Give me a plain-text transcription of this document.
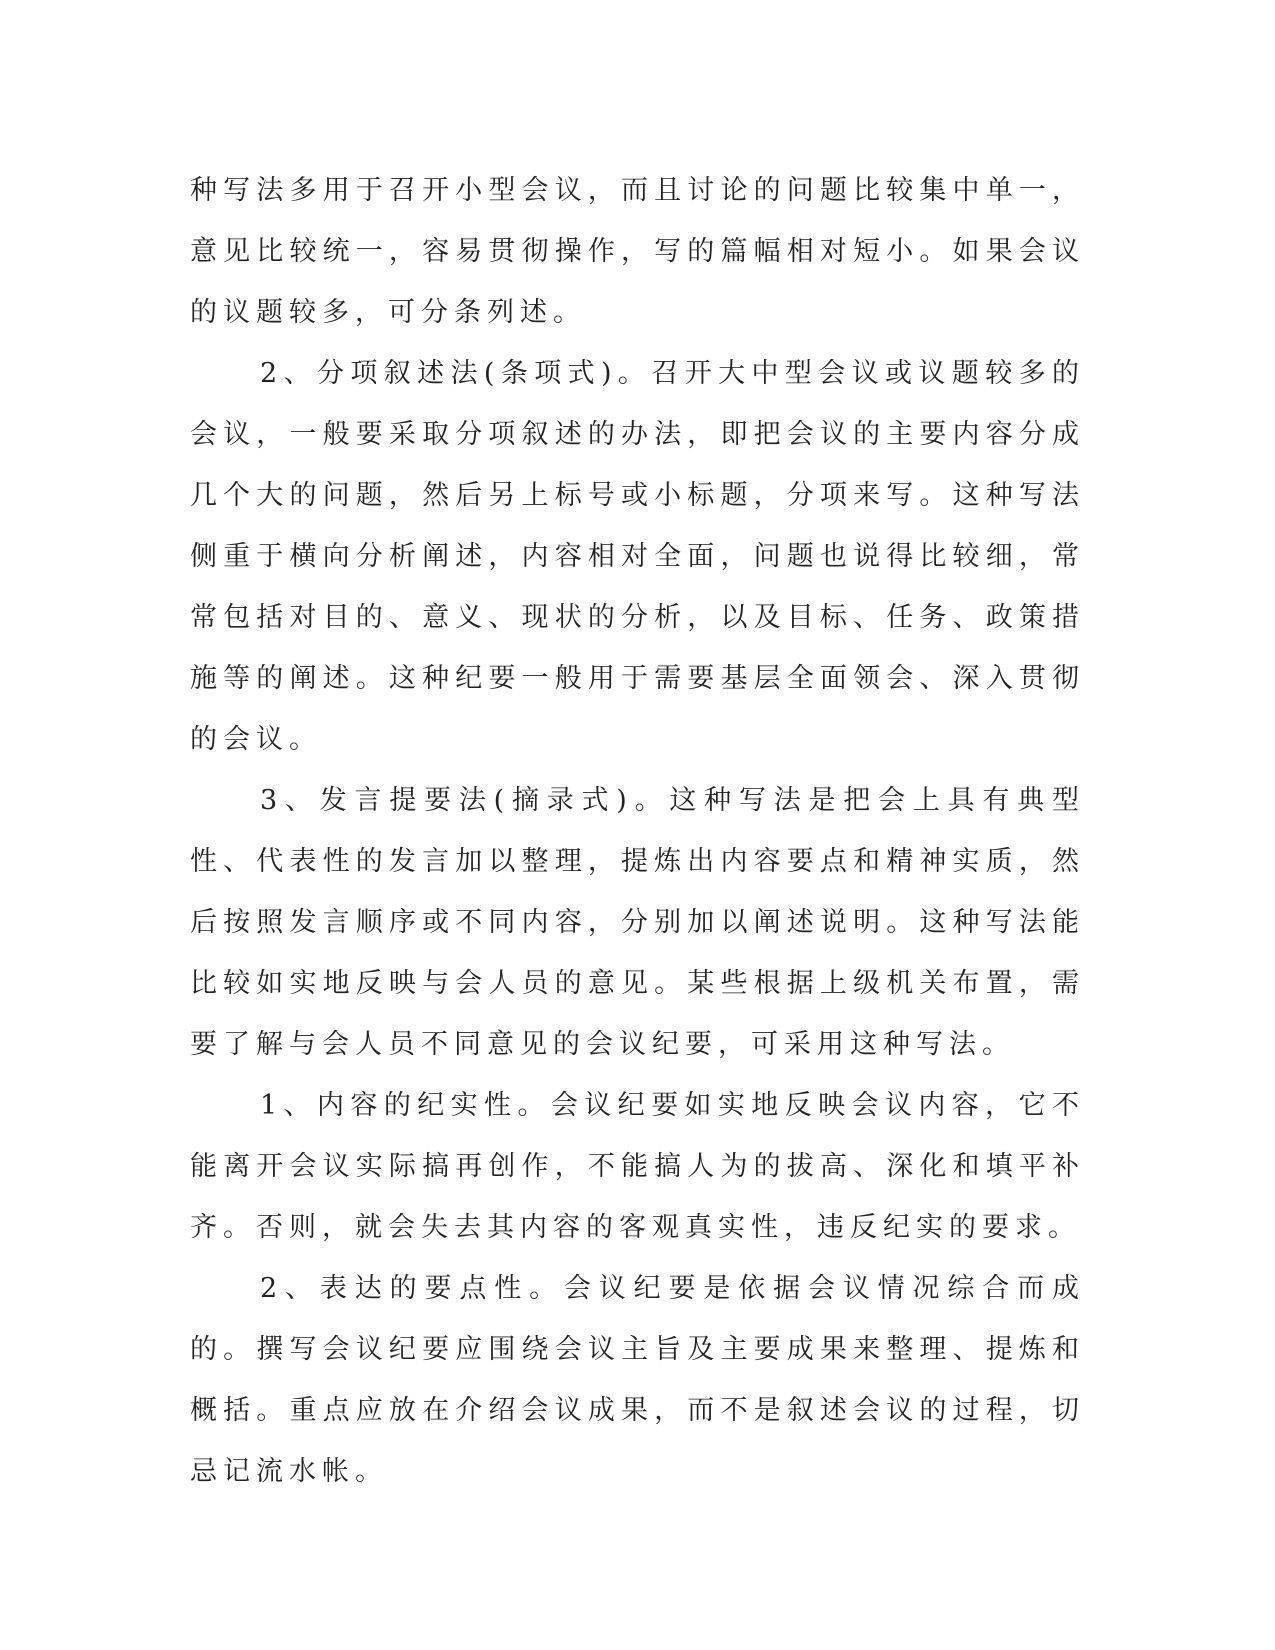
种写法多用于召开小型会议，而且讨论的问题比较集中单一，意见比较统一，容易贯彻操作，写的篇幅相对短小。如果会议的议题较多，可分条列述。

2、分项叙述法(条项式)。召开大中型会议或议题较多的会议，一般要采取分项叙述的办法，即把会议的主要内容分成几个大的问题，然后另上标号或小标题，分项来写。这种写法侧重于横向分析阐述，内容相对全面，问题也说得比较细，常常包括对目的、意义、现状的分析，以及目标、任务、政策措施等的阐述。这种纪要一般用于需要基层全面领会、深入贯彻的会议。

3、发言提要法(摘录式)。这种写法是把会上具有典型性、代表性的发言加以整理，提炼出内容要点和精神实质，然后按照发言顺序或不同内容，分别加以阐述说明。这种写法能比较如实地反映与会人员的意见。某些根据上级机关布置，需要了解与会人员不同意见的会议纪要，可采用这种写法。

1、内容的纪实性。会议纪要如实地反映会议内容，它不能离开会议实际搞再创作，不能搞人为的拔高、深化和填平补齐。否则，就会失去其内容的客观真实性，违反纪实的要求。

2、表达的要点性。会议纪要是依据会议情况综合而成的。撰写会议纪要应围绕会议主旨及主要成果来整理、提炼和概括。重点应放在介绍会议成果，而不是叙述会议的过程，切忌记流水帐。
